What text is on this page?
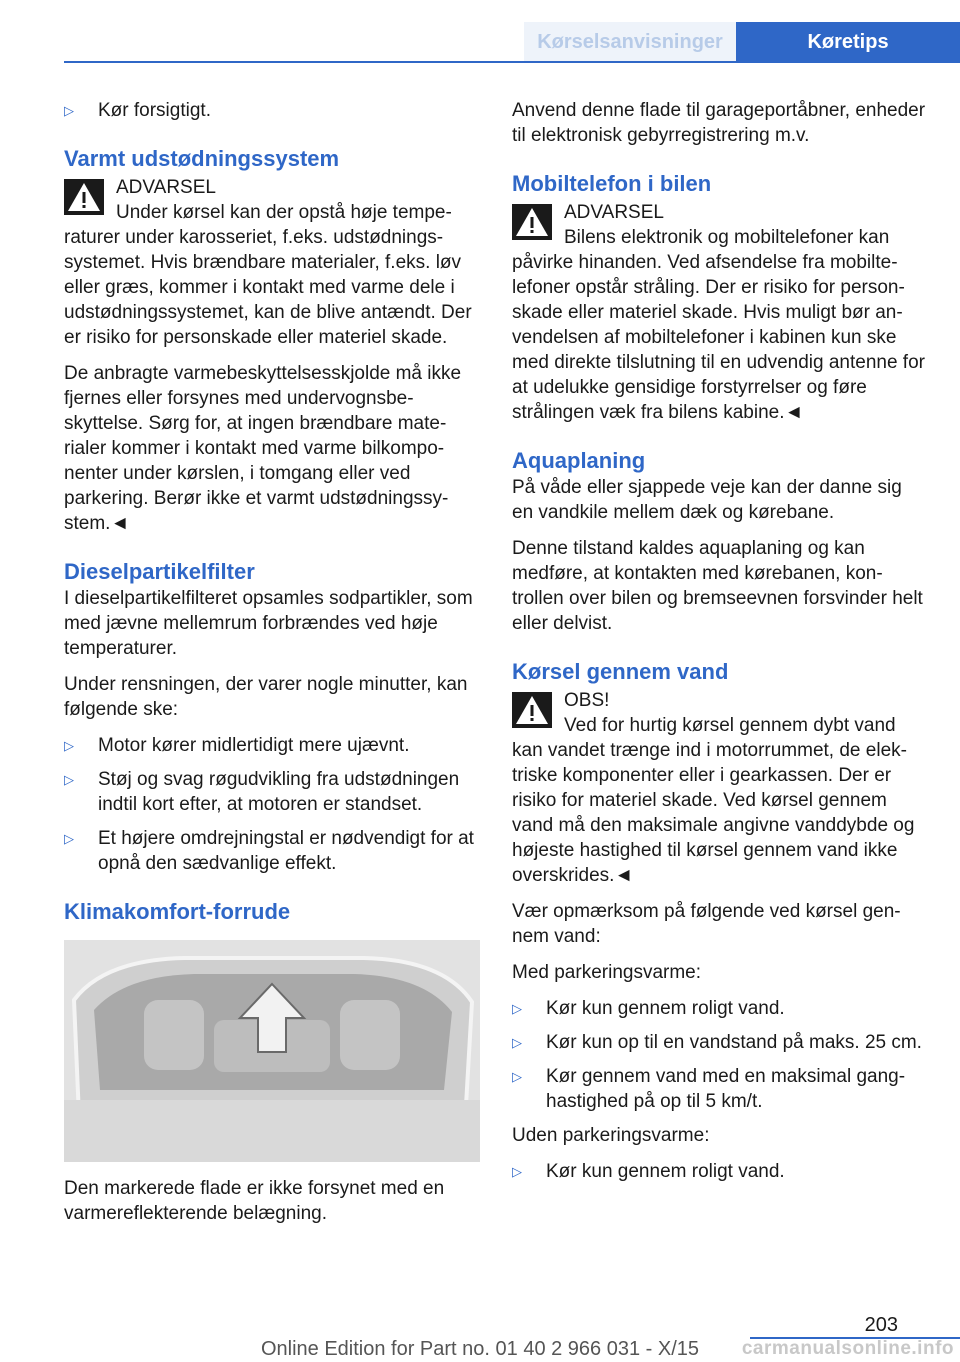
Kørselsanvisninger	Køretips
▷	Kør forsigtigt.
Varmt udstødningssystem
ADVARSEL
Under kørsel kan der opstå høje temperaturer under karosseriet, f.eks. udstødningssystemet. Hvis brændbare materialer, f.eks. løv eller græs, kommer i kontakt med varme dele i udstødningssystemet, kan de blive antændt. Der er risiko for personskade eller materiel skade.
De anbragte varmebeskyttelsesskjolde må ikke fjernes eller forsynes med undervognsbeskyttelse. Sørg for, at ingen brændbare materialer kommer i kontakt med varme bilkomponenter under kørslen, i tomgang eller ved parkering. Berør ikke et varmt udstødningssystem.◄
Dieselpartikelfilter
I dieselpartikelfilteret opsamles sodpartikler, som med jævne mellemrum forbrændes ved høje temperaturer.
Under rensningen, der varer nogle minutter, kan følgende ske:
▷	Motor kører midlertidigt mere ujævnt.
▷	Støj og svag røgudvikling fra udstødningen indtil kort efter, at motoren er standset.
▷	Et højere omdrejningstal er nødvendigt for at opnå den sædvanlige effekt.
Klimakomfort-forrude
Den markerede flade er ikke forsynet med en varmereflekterende belægning.
Anvend denne flade til garageportåbner, enheder til elektronisk gebyrregistrering m.v.
Mobiltelefon i bilen
ADVARSEL
Bilens elektronik og mobiltelefoner kan påvirke hinanden. Ved afsendelse fra mobiltelefoner opstår stråling. Der er risiko for personskade eller materiel skade. Hvis muligt bør anvendelsen af mobiltelefoner i kabinen kun ske med direkte tilslutning til en udvendig antenne for at udelukke gensidige forstyrrelser og føre strålingen væk fra bilens kabine.◄
Aquaplaning
På våde eller sjappede veje kan der danne sig en vandkile mellem dæk og kørebane.
Denne tilstand kaldes aquaplaning og kan medføre, at kontakten med kørebanen, kontrollen over bilen og bremseevnen forsvinder helt eller delvist.
Kørsel gennem vand
OBS!
Ved for hurtig kørsel gennem dybt vand kan vandet trænge ind i motorrummet, de elektriske komponenter eller i gearkassen. Der er risiko for materiel skade. Ved kørsel gennem vand må den maksimale angivne vanddybde og højeste hastighed til kørsel gennem vand ikke overskrides.◄
Vær opmærksom på følgende ved kørsel gennem vand:
Med parkeringsvarme:
▷	Kør kun gennem roligt vand.
▷	Kør kun op til en vandstand på maks. 25 cm.
▷	Kør gennem vand med en maksimal ganghastighed på op til 5 km/t.
Uden parkeringsvarme:
▷	Kør kun gennem roligt vand.
203
Online Edition for Part no. 01 40 2 966 031 - X/15	carmanualsonline.info
